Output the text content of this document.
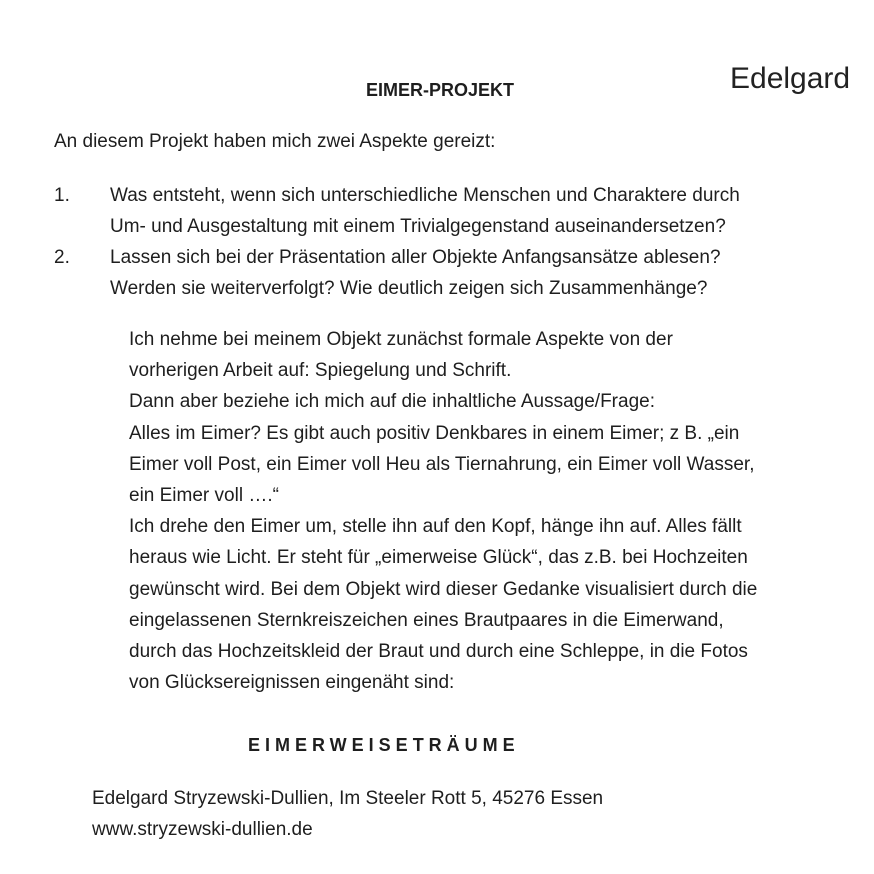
Edelgard
EIMER-PROJEKT
An diesem Projekt haben mich zwei Aspekte gereizt:
1. Was entsteht, wenn sich unterschiedliche Menschen und Charaktere durch
Um- und Ausgestaltung mit einem Trivialgegenstand auseinandersetzen?
2. Lassen sich bei der Präsentation aller Objekte Anfangsansätze ablesen?
Werden sie weiterverfolgt? Wie deutlich zeigen sich Zusammenhänge?
Ich nehme bei meinem Objekt zunächst formale Aspekte von der
vorherigen Arbeit auf: Spiegelung und Schrift.
Dann aber beziehe ich mich auf die inhaltliche Aussage/Frage:
Alles im Eimer? Es gibt auch positiv Denkbares in einem Eimer; z B. „ein
Eimer voll Post, ein Eimer voll Heu als Tiernahrung, ein Eimer voll Wasser,
ein Eimer voll ….“
Ich drehe den Eimer um, stelle ihn auf den Kopf, hänge ihn auf. Alles fällt
heraus wie Licht. Er steht für „eimerweise Glück“, das z.B. bei Hochzeiten
gewünscht wird. Bei dem Objekt wird dieser Gedanke visualisiert durch die
eingelassenen Sternkreiszeichen eines Brautpaares in die Eimerwand,
durch das Hochzeitskleid der Braut und durch eine Schleppe, in die Fotos
von Glücksereignissen eingenäht sind:
EIMERWEISETRÄUME
Edelgard Stryzewski-Dullien, Im Steeler Rott 5, 45276 Essen
www.stryzewski-dullien.de
